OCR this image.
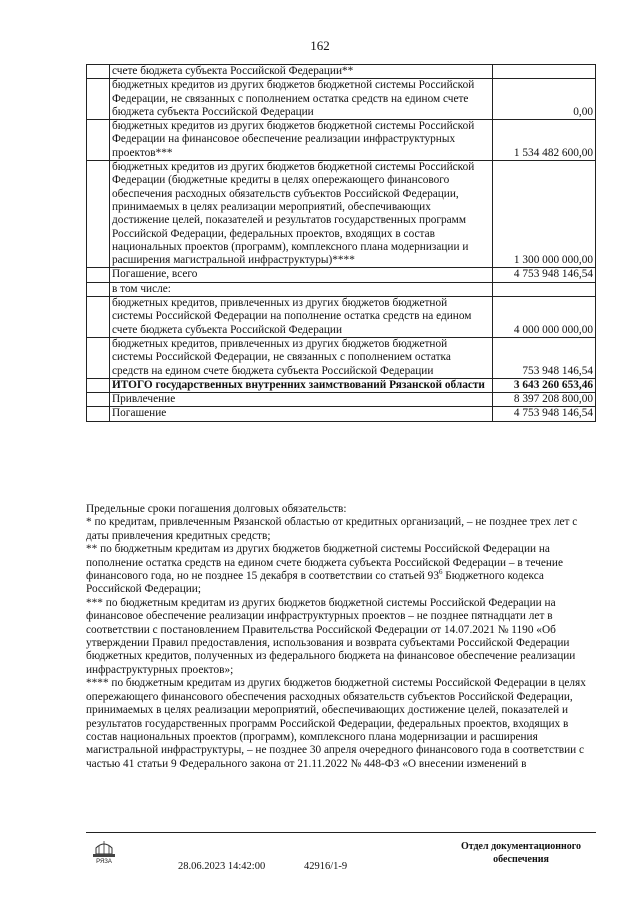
162
	счете бюджета субъекта Российской Федерации**	
	бюджетных кредитов из других бюджетов бюджетной системы Российской Федерации, не связанных с пополнением остатка средств на едином счете бюджета субъекта Российской Федерации	0,00
	бюджетных кредитов из других бюджетов бюджетной системы Российской Федерации на финансовое обеспечение реализации инфраструктурных проектов***	1 534 482 600,00
	бюджетных кредитов из других бюджетов бюджетной системы Российской Федерации (бюджетные кредиты в целях опережающего финансового обеспечения расходных обязательств субъектов Российской Федерации, принимаемых в целях реализации мероприятий, обеспечивающих достижение целей, показателей и результатов государственных программ Российской Федерации, федеральных проектов, входящих в состав национальных проектов (программ), комплексного плана модернизации и расширения магистральной инфраструктуры)****	1 300 000 000,00
	Погашение, всего	4 753 948 146,54
	в том числе:	
	бюджетных кредитов, привлеченных из других бюджетов бюджетной системы Российской Федерации на пополнение остатка средств на едином счете бюджета субъекта Российской Федерации	4 000 000 000,00
	бюджетных кредитов, привлеченных из других бюджетов бюджетной системы Российской Федерации, не связанных с пополнением остатка средств на едином счете бюджета субъекта Российской Федерации	753 948 146,54
	ИТОГО государственных внутренних заимствований Рязанской области	3 643 260 653,46
	Привлечение	8 397 208 800,00
	Погашение	4 753 948 146,54

Предельные сроки погашения долговых обязательств:

* по кредитам, привлеченным Рязанской областью от кредитных организаций, – не позднее трех лет с даты привлечения кредитных средств;

** по бюджетным кредитам из других бюджетов бюджетной системы Российской Федерации на пополнение остатка средств на едином счете бюджета субъекта Российской Федерации – в течение финансового года, но не позднее 15 декабря в соответствии со статьей $93^6$ Бюджетного кодекса Российской Федерации;

*** по бюджетным кредитам из других бюджетов бюджетной системы Российской Федерации на финансовое обеспечение реализации инфраструктурных проектов – не позднее пятнадцати лет в соответствии с постановлением Правительства Российской Федерации от 14.07.2021 № 1190 «Об утверждении Правил предоставления, использования и возврата субъектами Российской Федерации бюджетных кредитов, полученных из федерального бюджета на финансовое обеспечение реализации инфраструктурных проектов»;

**** по бюджетным кредитам из других бюджетов бюджетной системы Российской Федерации в целях опережающего финансового обеспечения расходных обязательств субъектов Российской Федерации, принимаемых в целях реализации мероприятий, обеспечивающих достижение целей, показателей и результатов государственных программ Российской Федерации, федеральных проектов, входящих в состав национальных проектов (программ), комплексного плана модернизации и расширения магистральной инфраструктуры, – не позднее 30 апреля очередного финансового года в соответствии с частью 41 статьи 9 Федерального закона от 21.11.2022 № 448-ФЗ «О внесении изменений в

РЯЗА	28.06.2023 14:42:00	42916/1-9
Отдел документационного обеспечения
